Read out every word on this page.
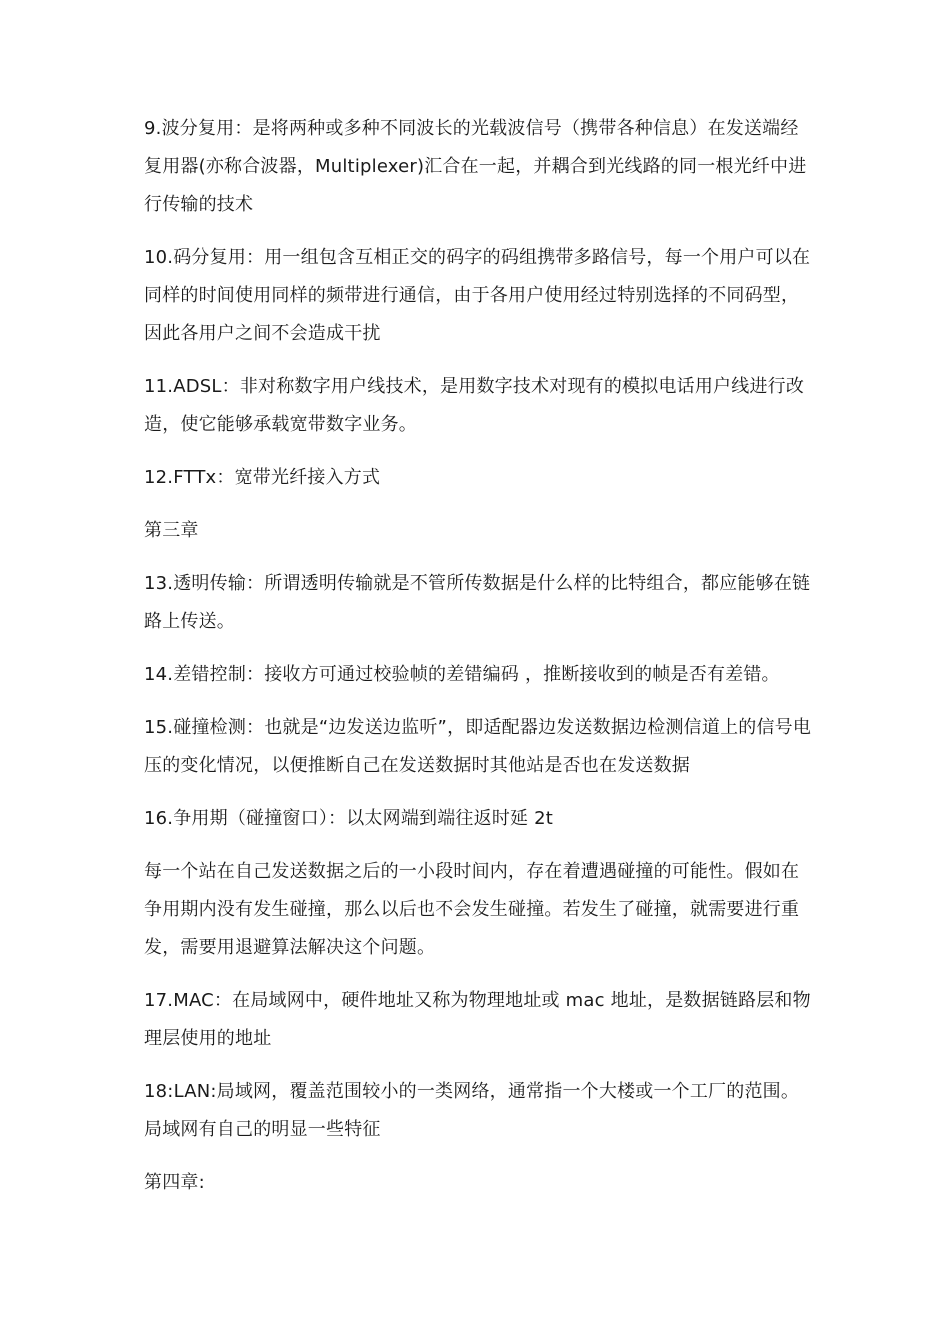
9.波分复用：是将两种或多种不同波长的光载波信号（携带各种信息）在发送端经复用器(亦称合波器，Multiplexer)汇合在一起，并耦合到光线路的同一根光纤中进行传输的技术

10.码分复用：用一组包含互相正交的码字的码组携带多路信号，每一个用户可以在同样的时间使用同样的频带进行通信，由于各用户使用经过特别选择的不同码型，因此各用户之间不会造成干扰

11.ADSL：非对称数字用户线技术，是用数字技术对现有的模拟电话用户线进行改造，使它能够承载宽带数字业务。

12.FTTx：宽带光纤接入方式

第三章

13.透明传输：所谓透明传输就是不管所传数据是什么样的比特组合，都应能够在链路上传送。

14.差错控制：接收方可通过校验帧的差错编码 ，推断接收到的帧是否有差错。

15.碰撞检测：也就是“边发送边监听”，即适配器边发送数据边检测信道上的信号电压的变化情况，以便推断自己在发送数据时其他站是否也在发送数据

16.争用期（碰撞窗口）：以太网端到端往返时延 2t

每一个站在自己发送数据之后的一小段时间内，存在着遭遇碰撞的可能性。假如在争用期内没有发生碰撞，那么以后也不会发生碰撞。若发生了碰撞，就需要进行重发，需要用退避算法解决这个问题。

17.MAC：在局域网中，硬件地址又称为物理地址或 mac 地址，是数据链路层和物理层使用的地址

18:LAN:局域网，覆盖范围较小的一类网络，通常指一个大楼或一个工厂的范围。局域网有自己的明显一些特征

第四章:
